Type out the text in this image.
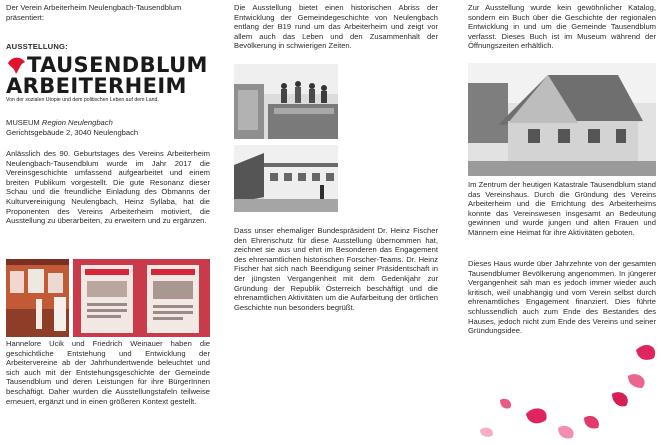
Der Verein Arbeiterheim Neulengbach-Tausendblum präsentiert:

AUSSTELLUNG:

TAUSENDBLUM
ARBEITERHEIM

Von der sozialen Utopie und dem politischen Leben auf dem Land.

MUSEUM Region Neulengbach

Gerichtsgebäude 2, 3040 Neulengbach

Anlässlich des 90. Geburtstages des Vereins Arbeiterheim Neulengbach-Tausendblum wurde im Jahr 2017 die Vereinsgeschichte umfassend aufgearbeitet und einem breiten Publikum vorgestellt. Die gute Resonanz dieser Schau und die freundliche Einladung des Obmanns der Kulturvereinigung Neulengbach, Heinz Syllaba, hat die Proponenten des Vereins Arbeiterheim motiviert, die Ausstellung zu überarbeiten, zu erweitern und zu ergänzen.

Hannelore Ucik und Friedrich Weinauer haben die geschichtliche Entstehung und Entwicklung der Arbeitervereine ab der Jahrhundertwende beleuchtet und sich auch mit der Entstehungsgeschichte der Gemeinde Tausendblum und deren Leistungen für ihre BürgerInnen beschäftigt. Daher wurden die Ausstellungstafeln teilweise erneuert, ergänzt und in einen größeren Kontext gestellt.

Die Ausstellung bietet einen historischen Abriss der Entwicklung der Gemeindegeschichte von Neulengbach entlang der B19 rund um das Arbeiterheim und zeigt vor allem auch das Leben und den Zusammenhalt der Bevölkerung in schwierigen Zeiten.

Dass unser ehemaliger Bundespräsident Dr. Heinz Fischer den Ehrenschutz für diese Ausstellung übernommen hat, zeichnet sie aus und ehrt im Besonderen das Engagement des ehrenamtlichen historischen Forscher-Teams. Dr. Heinz Fischer hat sich nach Beendigung seiner Präsidentschaft in der jüngsten Vergangenheit mit dem Gedenkjahr zur Gründung der Republik Österreich beschäftigt und die ehrenamtlichen Aktivitäten um die Aufarbeitung der örtlichen Geschichte nun besonders begrüßt.

Zur Ausstellung wurde kein gewöhnlicher Katalog, sondern ein Buch über die Geschichte der regionalen Entwicklung in und um die Gemeinde Tausendblum verfasst. Dieses Buch ist im Museum während der Öffnungszeiten erhältlich.

Im Zentrum der heutigen Katastrale Tausendblum stand das Vereinshaus. Durch die Gründung des Vereins Arbeiterheim und die Errichtung des Arbeiterheims konnte das Vereinswesen insgesamt an Bedeutung gewinnen und wurde jungen und alten Frauen und Männern eine Heimat für ihre Aktivitäten geboten.

Dieses Haus wurde über Jahrzehnte von der gesamten Tausendblumer Bevölkerung angenommen. In jüngerer Vergangenheit sah man es jedoch immer wieder auch kritisch, weil unabhängig und vom Verein selbst durch ehrenamtliches Engagement finanziert. Dies führte schlussendlich auch zum Ende des Bestandes des Hauses, jedoch nicht zum Ende des Vereins und seiner Gründungsidee.
